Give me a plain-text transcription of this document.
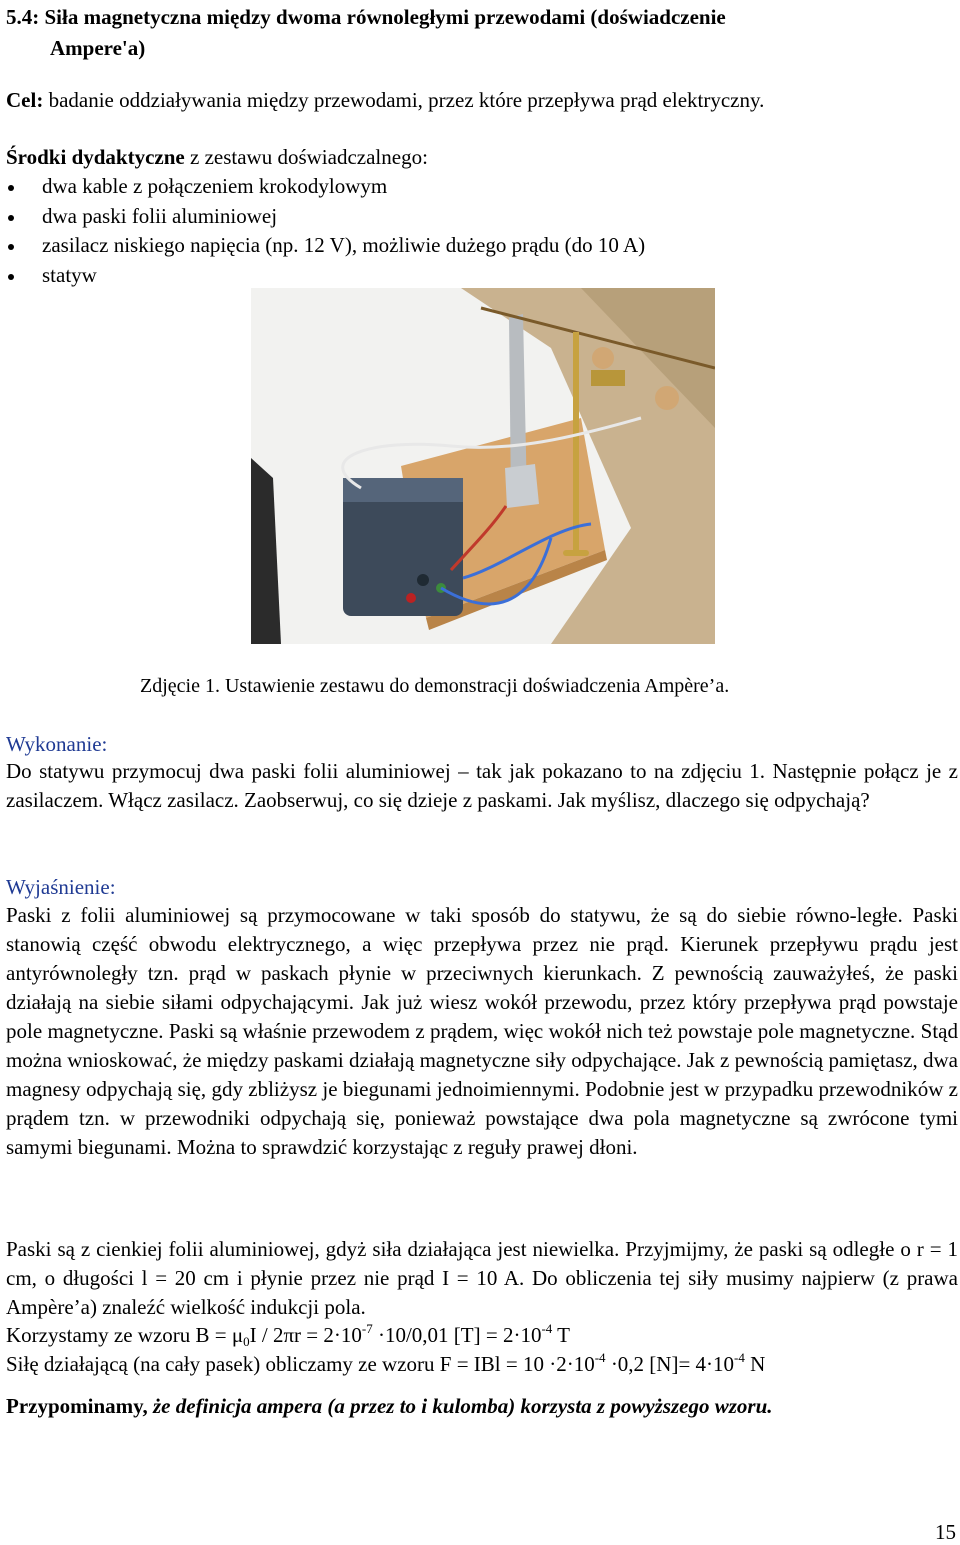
5.4: Siła magnetyczna między dwoma równoległymi przewodami (doświadczenie
Ampere'a)
Cel: badanie oddziaływania między przewodami, przez które przepływa prąd elektryczny.
Środki dydaktyczne z zestawu doświadczalnego:
dwa kable z połączeniem krokodylowym
dwa paski folii aluminiowej
zasilacz niskiego napięcia (np. 12 V), możliwie dużego prądu (do 10 A)
statyw
Zdjęcie 1. Ustawienie zestawu do demonstracji doświadczenia Ampère’a.
Wykonanie:
Do statywu przymocuj dwa paski folii aluminiowej – tak jak pokazano to na zdjęciu 1. Następnie połącz je z zasilaczem. Włącz zasilacz. Zaobserwuj, co się dzieje z paskami. Jak myślisz, dlaczego się odpychają?
Wyjaśnienie:
Paski z folii aluminiowej są przymocowane w taki sposób do statywu, że są do siebie równo-ległe. Paski stanowią część obwodu elektrycznego, a więc przepływa przez nie prąd. Kierunek przepływu prądu jest antyrównoległy tzn. prąd w paskach płynie w przeciwnych kierunkach. Z pewnością zauważyłeś, że paski działają na siebie siłami odpychającymi. Jak już wiesz wokół przewodu, przez który przepływa prąd powstaje pole magnetyczne. Paski są właśnie przewodem z prądem, więc wokół nich też powstaje pole magnetyczne. Stąd można wnioskować, że między paskami działają magnetyczne siły odpychające. Jak z pewnością pamiętasz, dwa magnesy odpychają się, gdy zbliżysz je biegunami jednoimiennymi. Podobnie jest w przypadku przewodników z prądem tzn. w przewodniki odpychają się, ponieważ powstające dwa pola magnetyczne są zwrócone tymi samymi biegunami. Można to sprawdzić korzystając z reguły prawej dłoni.
Paski są z cienkiej folii aluminiowej, gdyż siła działająca jest niewielka. Przyjmijmy, że paski są odległe o r = 1 cm, o długości l = 20 cm i płynie przez nie prąd I = 10 A. Do obliczenia tej siły musimy najpierw (z prawa Ampère’a) znaleźć wielkość indukcji pola.
Korzystamy ze wzoru $B = \mu_0I / 2\pi r = 2\cdot 10^{-7} \cdot 10/0,01$ $[T] = 2\cdot 10^{-4}$ T
Siłę działającą (na cały pasek) obliczamy ze wzoru F = IBl = $10 \cdot 2\cdot 10^{-4} \cdot 0,2$ $[N]= 4\cdot 10^{-4}$ N
Przypominamy, że definicja ampera (a przez to i kulomba) korzysta z powyższego wzoru.
15
